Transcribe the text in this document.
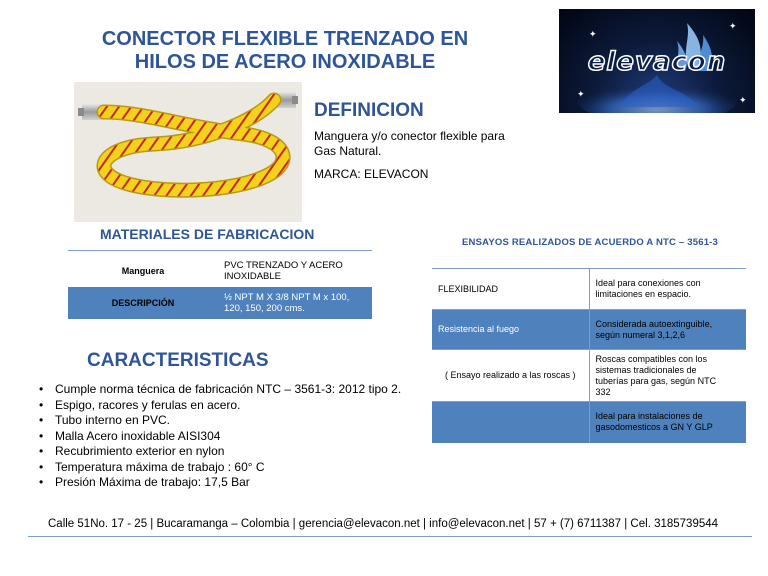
CONECTOR FLEXIBLE TRENZADO EN
HILOS DE ACERO INOXIDABLE	elevacon
✦
✦
✦
✦
DEFINICION
Manguera y/o conector flexible para
Gas Natural.
MARCA: ELEVACON
MATERIALES DE FABRICACION
Manguera	PVC TRENZADO Y ACERO
INOXIDABLE

DESCRIPCIÓN	½ NPT M X 3/8 NPT M x 100,
120, 150, 200 cms.
ENSAYOS REALIZADOS DE ACUERDO A NTC – 3561-3
FLEXIBILIDAD	Ideal para conexiones con
limitaciones en espacio.

Resistencia al fuego	Considerada autoextinguible,
según numeral 3,1,2,6

( Ensayo realizado a las roscas )	Roscas compatibles con los
sistemas tradicionales de
tuberías para gas, según NTC
332

	Ideal para instalaciones de
gasodomesticos a GN Y GLP
CARACTERISTICAS
• Cumple norma técnica de fabricación NTC – 3561-3: 2012 tipo 2.
• Espigo, racores y ferulas en acero.
• Tubo interno en PVC.
• Malla Acero inoxidable AISI304
• Recubrimiento exterior en nylon
• Temperatura máxima de trabajo : 60° C
• Presión Máxima de trabajo: 17,5 Bar
Calle 51No. 17 - 25 | Bucaramanga – Colombia | gerencia@elevacon.net | info@elevacon.net | 57 + (7) 6711387 | Cel. 3185739544
